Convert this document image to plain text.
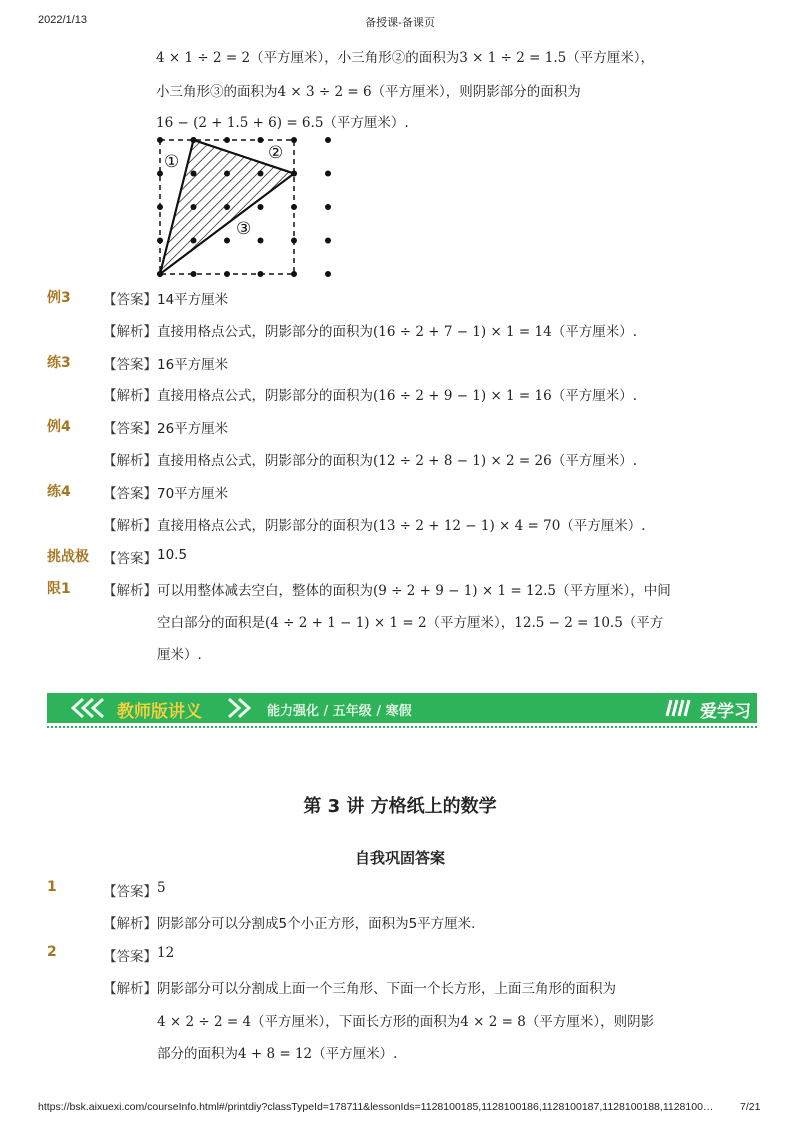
2022/1/13	备授课-备课页
4 × 1 ÷ 2 = 2（平方厘米），小三角形②的面积为3 × 1 ÷ 2 = 1.5（平方厘米），
小三角形③的面积为4 × 3 ÷ 2 = 6（平方厘米），则阴影部分的面积为
16 − (2 + 1.5 + 6) = 6.5（平方厘米）.
①	②
③
例3 【答案】 14平方厘米
【解析】 直接用格点公式，阴影部分的面积为(16 ÷ 2 + 7 − 1) × 1 = 14（平方厘米）.
练3 【答案】 16平方厘米
【解析】 直接用格点公式，阴影部分的面积为(16 ÷ 2 + 9 − 1) × 1 = 16（平方厘米）.
例4 【答案】 26平方厘米
【解析】 直接用格点公式，阴影部分的面积为(12 ÷ 2 + 8 − 1) × 2 = 26（平方厘米）.
练4 【答案】 70平方厘米
【解析】 直接用格点公式，阴影部分的面积为(13 ÷ 2 + 12 − 1) × 4 = 70（平方厘米）.
挑战极
限1
【答案】 10.5
【解析】 可以用整体减去空白，整体的面积为(9 ÷ 2 + 9 − 1) × 1 = 12.5（平方厘米），中间
空白部分的面积是(4 ÷ 2 + 1 − 1) × 1 = 2（平方厘米），12.5 − 2 = 10.5（平方
厘米）.
教师版讲义	能力强化 / 五年级 / 寒假	爱学习
第 3 讲 方格纸上的数学
自我巩固答案
1	【答案】 5
【解析】 阴影部分可以分割成5个小正方形，面积为5平方厘米.
2	【答案】 12
【解析】 阴影部分可以分割成上面一个三角形、下面一个长方形，上面三角形的面积为
4 × 2 ÷ 2 = 4（平方厘米），下面长方形的面积为4 × 2 = 8（平方厘米），则阴影
部分的面积为4 + 8 = 12（平方厘米）.
https://bsk.aixuexi.com/courseInfo.html#/printdiy?classTypeId=178711&lessonIds=1128100185,1128100186,1128100187,1128100188,1128100…	7/21
